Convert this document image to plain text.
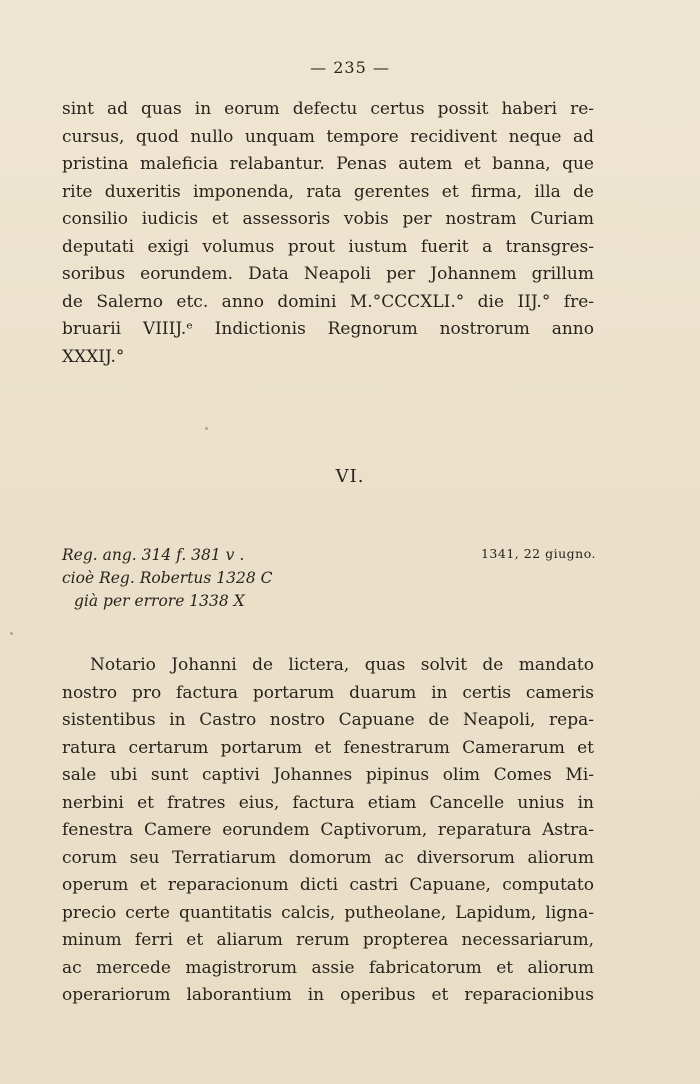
— 235 —

sint ad quas in eorum defectu certus possit haberi re-
cursus, quod nullo unquam tempore recidivent neque ad
pristina maleficia relabantur. Penas autem et banna, que
rite duxeritis imponenda, rata gerentes et firma, illa de
consilio iudicis et assessoris vobis per nostram Curiam
deputati exigi volumus prout iustum fuerit a transgres-
soribus eorundem. Data Neapoli per Johannem grillum
de Salerno etc. anno domini M.°CCCXLI.° die IIJ.° fre-
bruarii VIIIJ.ᵉ Indictionis Regnorum nostrorum anno
XXXIJ.°

VI.
Reg. ang. 314 f. 381 v .
cioè Reg. Robertus 1328 C
già per errore 1338 X
1341, 22 giugno.

Notario Johanni de lictera, quas solvit de mandato
nostro pro factura portarum duarum in certis cameris
sistentibus in Castro nostro Capuane de Neapoli, repa-
ratura certarum portarum et fenestrarum Camerarum et
sale ubi sunt captivi Johannes pipinus olim Comes Mi-
nerbini et fratres eius, factura etiam Cancelle unius in
fenestra Camere eorundem Captivorum, reparatura Astra-
corum seu Terratiarum domorum ac diversorum aliorum
operum et reparacionum dicti castri Capuane, computato
precio certe quantitatis calcis, putheolane, Lapidum, ligna-
minum ferri et aliarum rerum propterea necessariarum,
ac mercede magistrorum assie fabricatorum et aliorum
operariorum laborantium in operibus et reparacionibus
